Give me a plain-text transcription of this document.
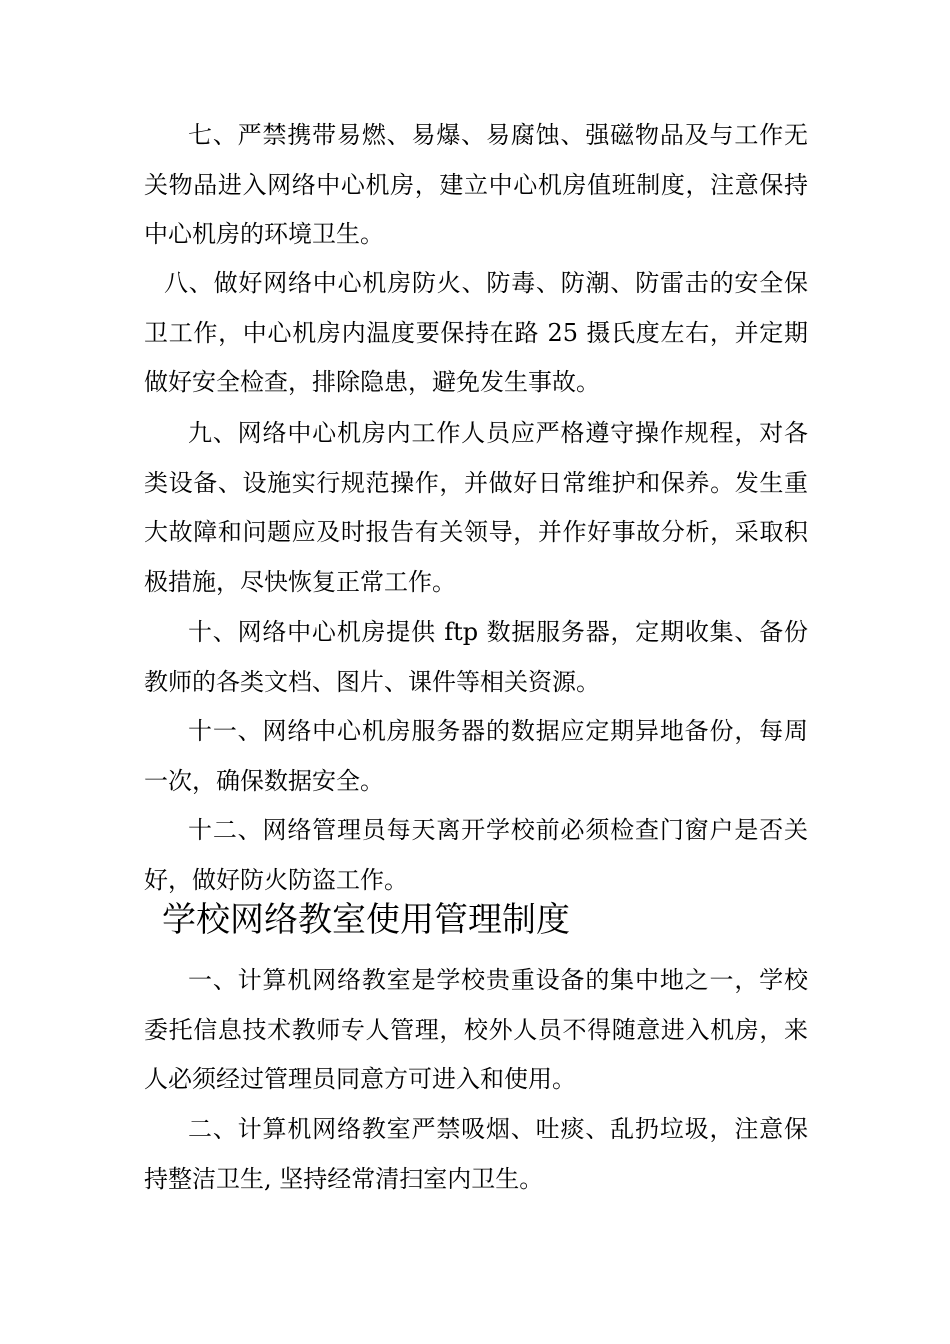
七、严禁携带易燃、易爆、易腐蚀、强磁物品及与工作无关物品进入网络中心机房，建立中心机房值班制度，注意保持中心机房的环境卫生。

八、做好网络中心机房防火、防毒、防潮、防雷击的安全保卫工作，中心机房内温度要保持在路 25 摄氏度左右，并定期做好安全检查，排除隐患，避免发生事故。

九、网络中心机房内工作人员应严格遵守操作规程，对各类设备、设施实行规范操作，并做好日常维护和保养。发生重大故障和问题应及时报告有关领导，并作好事故分析，采取积极措施，尽快恢复正常工作。

十、网络中心机房提供 ftp 数据服务器，定期收集、备份教师的各类文档、图片、课件等相关资源。

十一、网络中心机房服务器的数据应定期异地备份，每周一次，确保数据安全。

十二、网络管理员每天离开学校前必须检查门窗户是否关好，做好防火防盗工作。

学校网络教室使用管理制度

一、计算机网络教室是学校贵重设备的集中地之一，学校委托信息技术教师专人管理，校外人员不得随意进入机房，来人必须经过管理员同意方可进入和使用。

二、计算机网络教室严禁吸烟、吐痰、乱扔垃圾，注意保持整洁卫生, 坚持经常清扫室内卫生。
